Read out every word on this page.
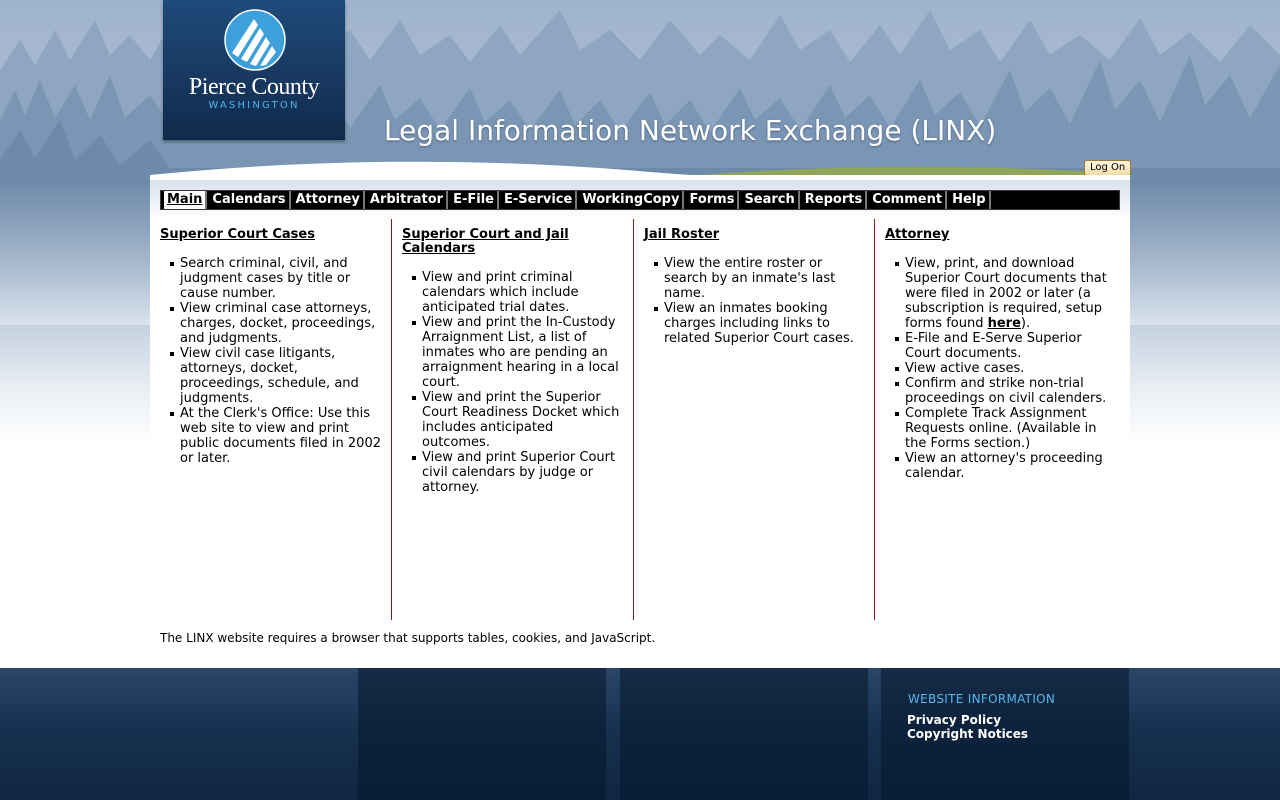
Pierce County
WASHINGTON
Legal Information Network Exchange (LINX)
Log On
Main Calendars Attorney Arbitrator E-File E-Service WorkingCopy Forms Search Reports Comment Help
Superior Court Cases
Search criminal, civil, and judgment cases by title or cause number.
View criminal case attorneys, charges, docket, proceedings, and judgments.
View civil case litigants, attorneys, docket, proceedings, schedule, and judgments.
At the Clerk's Office: Use this web site to view and print public documents filed in 2002 or later.
Superior Court and Jail Calendars
View and print criminal calendars which include anticipated trial dates.
View and print the In-Custody Arraignment List, a list of inmates who are pending an arraignment hearing in a local court.
View and print the Superior Court Readiness Docket which includes anticipated outcomes.
View and print Superior Court civil calendars by judge or attorney.
Jail Roster
View the entire roster or search by an inmate's last name.
View an inmates booking charges including links to related Superior Court cases.
Attorney
View, print, and download Superior Court documents that were filed in 2002 or later (a subscription is required, setup forms found here).
E-File and E-Serve Superior Court documents.
View active cases.
Confirm and strike non-trial proceedings on civil calenders.
Complete Track Assignment Requests online. (Available in the Forms section.)
View an attorney's proceeding calendar.
The LINX website requires a browser that supports tables, cookies, and JavaScript.
WEBSITE INFORMATION
Privacy Policy
Copyright Notices
